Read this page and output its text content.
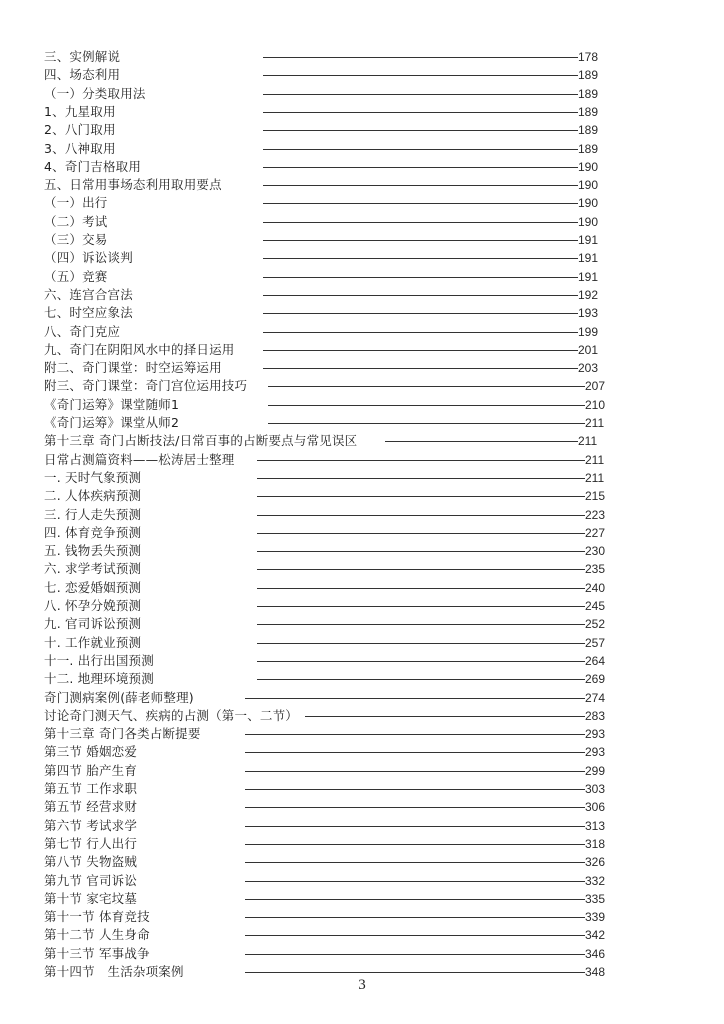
三、实例解说	178
四、场态利用	189
（一）分类取用法	189
1、九星取用	189
2、八门取用	189
3、八神取用	189
4、奇门吉格取用	190
五、日常用事场态利用取用要点	190
（一）出行	190
（二）考试	190
（三）交易	191
（四）诉讼谈判	191
（五）竞赛	191
六、连宫合宫法	192
七、时空应象法	193
八、奇门克应	199
九、奇门在阴阳风水中的择日运用	201
附二、奇门课堂：时空运筹运用	203
附三、奇门课堂：奇门宫位运用技巧	207
《奇门运筹》课堂随师1	210
《奇门运筹》课堂从师2	211
第十三章 奇门占断技法/日常百事的占断要点与常见误区	211
日常占测篇资料——松涛居士整理	211
一. 天时气象预测	211
二. 人体疾病预测	215
三. 行人走失预测	223
四. 体育竞争预测	227
五. 钱物丢失预测	230
六. 求学考试预测	235
七. 恋爱婚姻预测	240
八. 怀孕分娩预测	245
九. 官司诉讼预测	252
十. 工作就业预测	257
十一. 出行出国预测	264
十二. 地理环境预测	269
奇门测病案例(薛老师整理)	274
讨论奇门测天气、疾病的占测（第一、二节）	283
第十三章 奇门各类占断提要	293
第三节 婚姻恋爱	293
第四节 胎产生育	299
第五节 工作求职	303
第五节 经营求财	306
第六节 考试求学	313
第七节 行人出行	318
第八节 失物盗贼	326
第九节 官司诉讼	332
第十节 家宅坟墓	335
第十一节 体育竞技	339
第十二节 人生身命	342
第十三节 军事战争	346
第十四节　生活杂项案例	348
3
